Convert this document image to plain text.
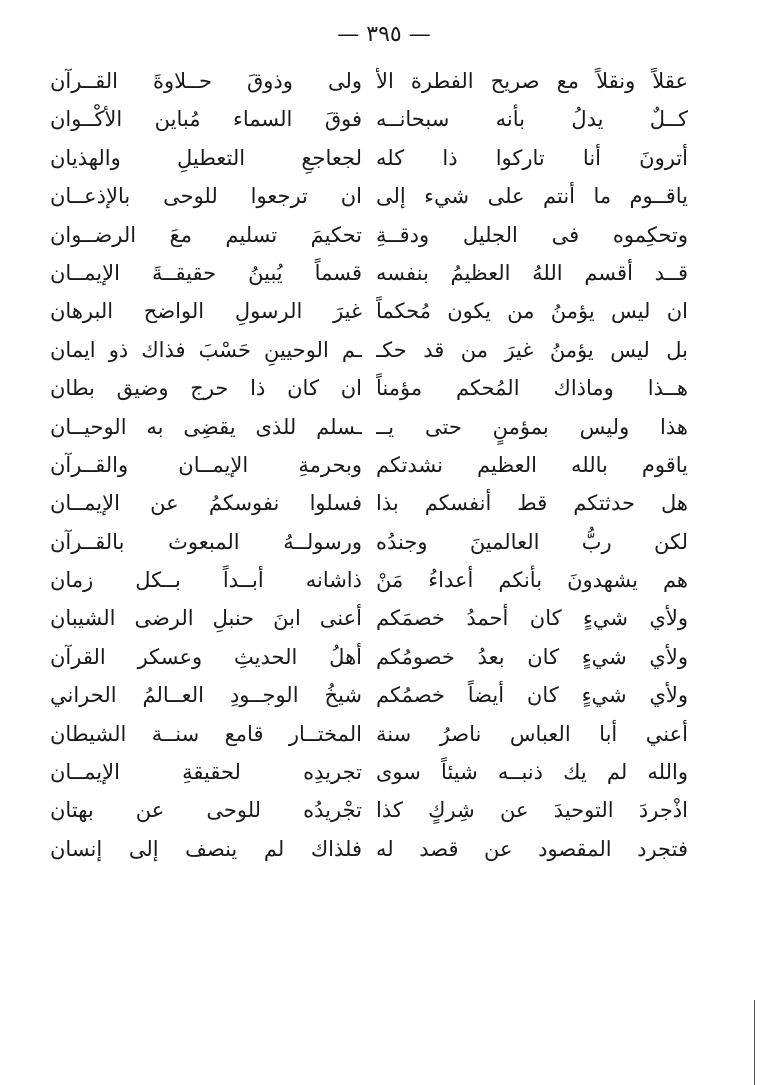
— ٣٩٥ —
عقلاً ونقلاً مع صريح الفطرة الأ
ولى وذوقَ حــلاوةَ القــرآن
كــلٌ يدلُ بأنه سبحانــه
فوقَ السماء مُباين الأكْــوان
أترونَ أنا تاركوا ذا كله
لجعاجعِ التعطيلِ والهذيان
ياقــوم ما أنتم على شيء إلى
ان ترجعوا للوحى بالإذعــان
وتحكِموه فى الجليل ودقــةِ
تحكيمَ تسليم معَ الرضــوان
قــد أقسم اللهُ العظيمُ بنفسه
قسماً يُبينُ حقيقــةَ الإيمــان
ان ليس يؤمنُ من يكون مُحكماً
غيرَ الرسولِ الواضح البرهان
بل ليس يؤمنُ غيرَ من قد حكـ
ـم الوحيينِ حَسْبَ فذاك ذو ايمان
هــذا وماذاك المُحكم مؤمناً
ان كان ذا حرج وضيق بطان
هذا وليس بمؤمنٍ حتى يــ
ـسلم للذى يقضِى به الوحيــان
ياقوم بالله العظيم نشدتكم
وبحرمةِ الإيمــان والقــرآن
هل حدثتكم قط أنفسكم بذا
فسلوا نفوسكمُ عن الإيمــان
لكن ربُّ العالمينَ وجندُه
ورسولــهُ المبعوث بالقــرآن
هم يشهدونَ بأنكم أعداءُ مَنْ
ذاشانه أبــداً بــكل زمان
ولأي شيءٍ كان أحمدُ خصمَكم
أعنى ابنَ حنبلِ الرضى الشيبان
ولأي شيءٍ كان بعدُ خصومُكم
أهلُ الحديثِ وعسكر القرآن
ولأي شيءٍ كان أيضاً خصمُكم
شيخُ الوجــودِ العــالمُ الحراني
أعني أبا العباس ناصرُ سنة
المختــار قامع سنــة الشيطان
والله لم يك ذنبــه شيئاً سوى
تجريدِه لحقيقةِ الإيمــان
اذْجردَ التوحيدَ عن شِركٍ كذا
تجْريدُه للوحى عن بهتان
فتجرد المقصود عن قصد له
فلذاك لم ينصف إلى إنسان
